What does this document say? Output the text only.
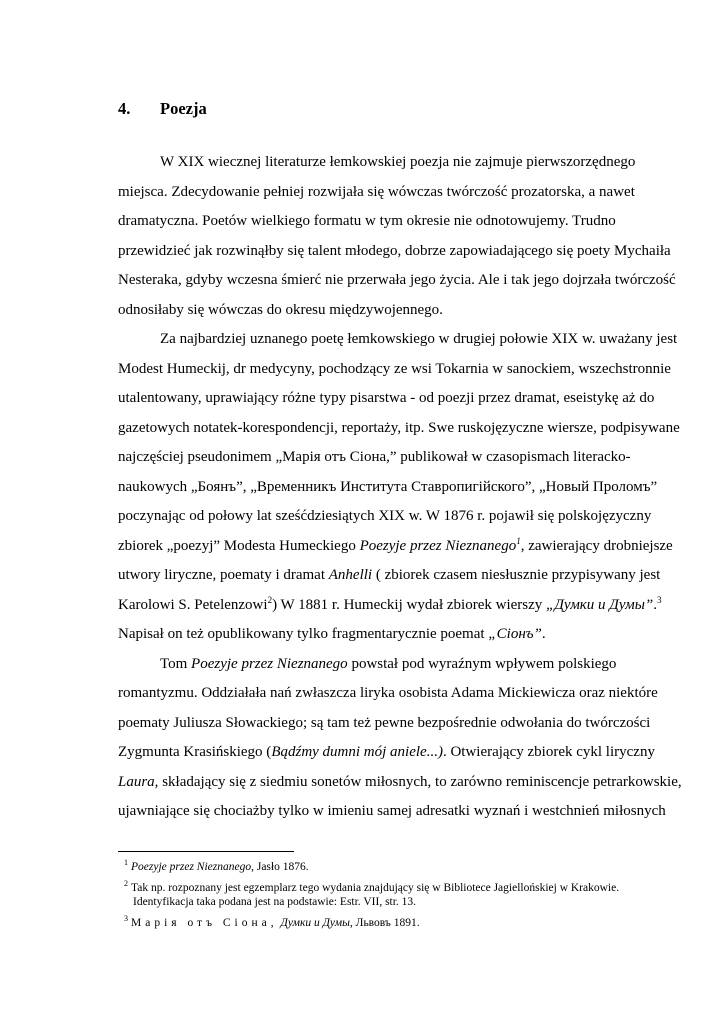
4.	Poezja
W XIX wiecznej literaturze łemkowskiej poezja nie zajmuje pierwszorzędnego
miejsca. Zdecydowanie pełniej rozwijała się wówczas twórczość prozatorska, a nawet
dramatyczna. Poetów wielkiego formatu w tym okresie nie odnotowujemy. Trudno
przewidzieć jak rozwinąłby się talent młodego, dobrze zapowiadającego się poety Mychaiła
Nesteraka, gdyby wczesna śmierć nie przerwała jego życia. Ale i tak jego dojrzała twórczość
odnosiłaby się wówczas do okresu międzywojennego.
Za najbardziej uznanego poetę łemkowskiego w drugiej połowie XIX w. uważany jest
Modest Humeckij, dr medycyny, pochodzący ze wsi Tokarnia w sanockiem, wszechstronnie
utalentowany, uprawiający różne typy pisarstwa - od poezji przez dramat, eseistykę aż do
gazetowych notatek-korespondencji, reportaży, itp. Swe ruskojęzyczne wiersze, podpisywane
najczęściej pseudonimem „Марія отъ Сіона,” publikował w czasopismach literacko-
naukowych „Боянъ”, „Временникъ Института Ставропигійского”, „Новый Проломъ”
poczynając od połowy lat sześćdziesiątych XIX w. W 1876 r. pojawił się polskojęzyczny
zbiorek „poezyj” Modesta Humeckiego Poezyje przez Nieznanego$^1$, zawierający drobniejsze
utwory liryczne, poematy i dramat Anhelli ( zbiorek czasem niesłusznie przypisywany jest
Karolowi S. Petelenzowi$^2$) W 1881 r. Humeckij wydał zbiorek wierszy „Думки и Думы”.$^3$
Napisał on też opublikowany tylko fragmentarycznie poemat „Сіонъ”.
Tom Poezyje przez Nieznanego powstał pod wyraźnym wpływem polskiego
romantyzmu. Oddziałała nań zwłaszcza liryka osobista Adama Mickiewicza oraz niektóre
poematy Juliusza Słowackiego; są tam też pewne bezpośrednie odwołania do twórczości
Zygmunta Krasińskiego (Bądźmy dumni mój aniele...). Otwierający zbiorek cykl liryczny
Laura, składający się z siedmiu sonetów miłosnych, to zarówno reminiscencje petrarkowskie,
ujawniające się chociażby tylko w imieniu samej adresatki wyznań i westchnień miłosnych
$^1$ Poezyje przez Nieznanego, Jasło 1876.
$^2$ Tak np. rozpoznany jest egzemplarz tego wydania znajdujący się w Bibliotece Jagiellońskiej w Krakowie.
Identyfikacja taka podana jest na podstawie: Estr. VII, str. 13.
$^3$ Марія отъ Сіона, Думки и Думы, Львовъ 1891.
